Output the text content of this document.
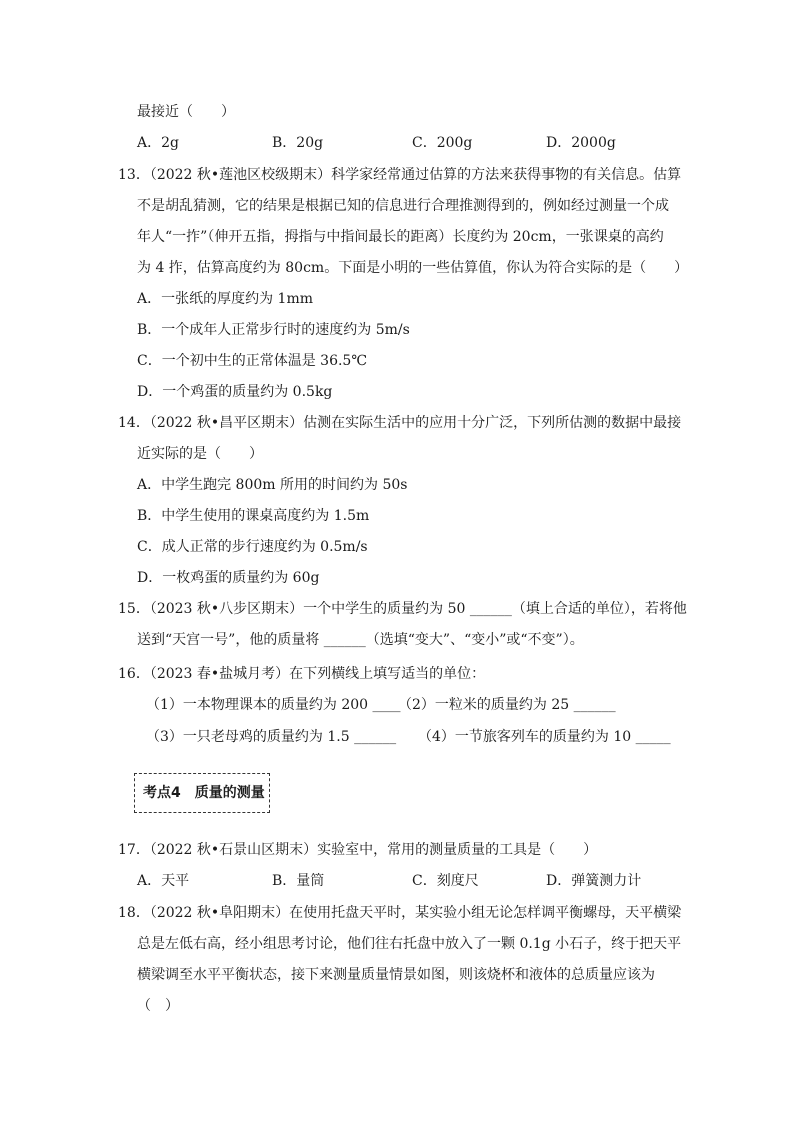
最接近（　　）
A．2g	B．20g	C．200g	D．2000g
13．（2022 秋•莲池区校级期末）科学家经常通过估算的方法来获得事物的有关信息。估算
不是胡乱猜测，它的结果是根据已知的信息进行合理推测得到的，例如经过测量一个成
年人“一拃”（伸开五指，拇指与中指间最长的距离）长度约为 20cm，一张课桌的高约
为 4 拃，估算高度约为 80cm。下面是小明的一些估算值，你认为符合实际的是（　　）
A．一张纸的厚度约为 1mm
B．一个成年人正常步行时的速度约为 5m/s
C．一个初中生的正常体温是 36.5℃
D．一个鸡蛋的质量约为 0.5kg
14．（2022 秋•昌平区期末）估测在实际生活中的应用十分广泛，下列所估测的数据中最接
近实际的是（　　）
A．中学生跑完 800m 所用的时间约为 50s
B．中学生使用的课桌高度约为 1.5m
C．成人正常的步行速度约为 0.5m/s
D．一枚鸡蛋的质量约为 60g
15．（2023 秋•八步区期末）一个中学生的质量约为 50 ______（填上合适的单位），若将他
送到“天宫一号”，他的质量将 ______（选填“变大”、“变小”或“不变”）。
16．（2023 春•盐城月考）在下列横线上填写适当的单位：
（1）一本物理课本的质量约为 200 ____
（2）一粒米的质量约为 25 ______
（3）一只老母鸡的质量约为 1.5 ______ （4）一节旅客列车的质量约为 10 _____
考点4　质量的测量
17．（2022 秋•石景山区期末）实验室中，常用的测量质量的工具是（　　）
A．天平	B．量筒	C．刻度尺	D．弹簧测力计
18．（2022 秋•阜阳期末）在使用托盘天平时，某实验小组无论怎样调平衡螺母，天平横梁
总是左低右高，经小组思考讨论，他们往右托盘中放入了一颗 0.1g 小石子，终于把天平
横梁调至水平平衡状态，接下来测量质量情景如图，则该烧杯和液体的总质量应该为
（　）
